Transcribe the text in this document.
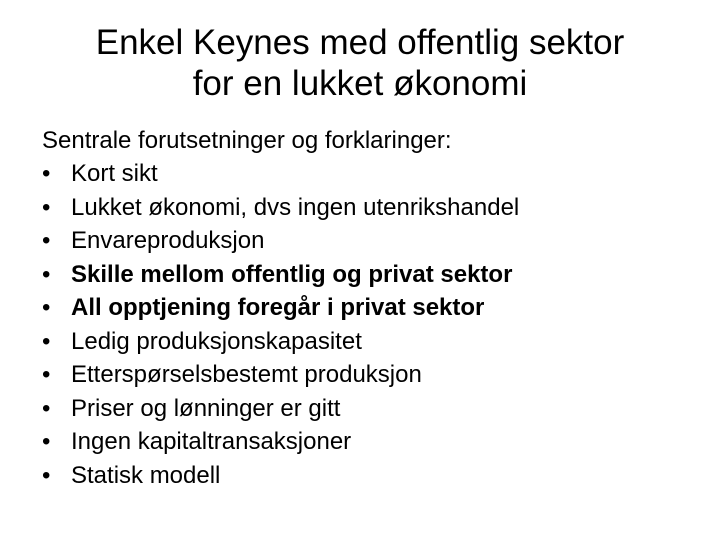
Enkel Keynes med offentlig sektor
for en lukket økonomi
Sentrale forutsetninger og forklaringer:
• Kort sikt
• Lukket økonomi, dvs ingen utenrikshandel
• Envareproduksjon
• Skille mellom offentlig og privat sektor
• All opptjening foregår i privat sektor
• Ledig produksjonskapasitet
• Etterspørselsbestemt produksjon
• Priser og lønninger er gitt
• Ingen kapitaltransaksjoner
• Statisk modell
